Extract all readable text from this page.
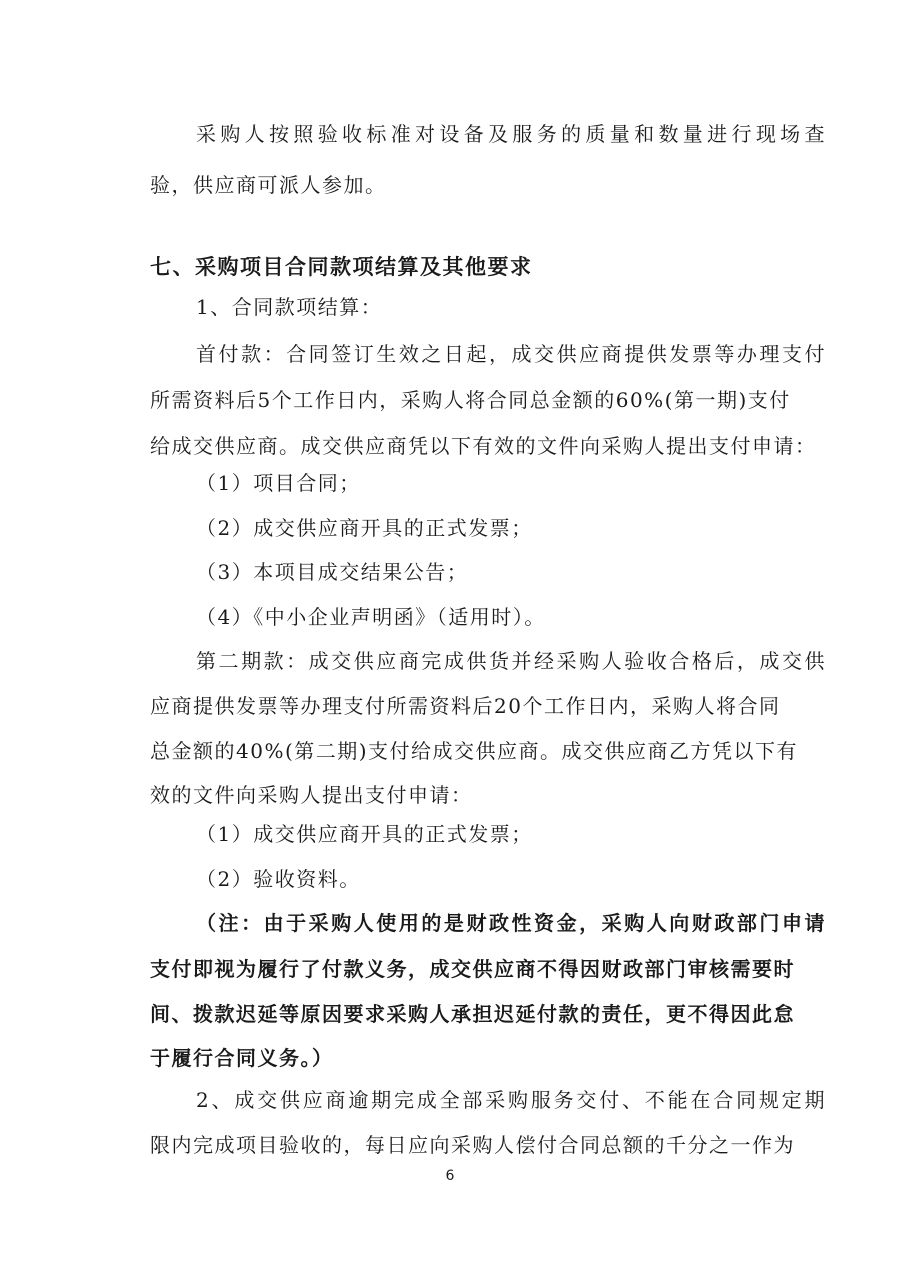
采购人按照验收标准对设备及服务的质量和数量进行现场查
验，供应商可派人参加。
七、采购项目合同款项结算及其他要求
1、合同款项结算：
首付款：合同签订生效之日起，成交供应商提供发票等办理支付
所需资料后5个工作日内，采购人将合同总金额的60%(第一期)支付
给成交供应商。成交供应商凭以下有效的文件向采购人提出支付申请：
（1）项目合同；
（2）成交供应商开具的正式发票；
（3）本项目成交结果公告；
（4）《中小企业声明函》（适用时）。
第二期款：成交供应商完成供货并经采购人验收合格后，成交供
应商提供发票等办理支付所需资料后20个工作日内，采购人将合同
总金额的40%(第二期)支付给成交供应商。成交供应商乙方凭以下有
效的文件向采购人提出支付申请：
（1）成交供应商开具的正式发票；
（2）验收资料。
（注：由于采购人使用的是财政性资金，采购人向财政部门申请
支付即视为履行了付款义务，成交供应商不得因财政部门审核需要时
间、拨款迟延等原因要求采购人承担迟延付款的责任，更不得因此怠
于履行合同义务。）
2、成交供应商逾期完成全部采购服务交付、不能在合同规定期
限内完成项目验收的，每日应向采购人偿付合同总额的千分之一作为
6
